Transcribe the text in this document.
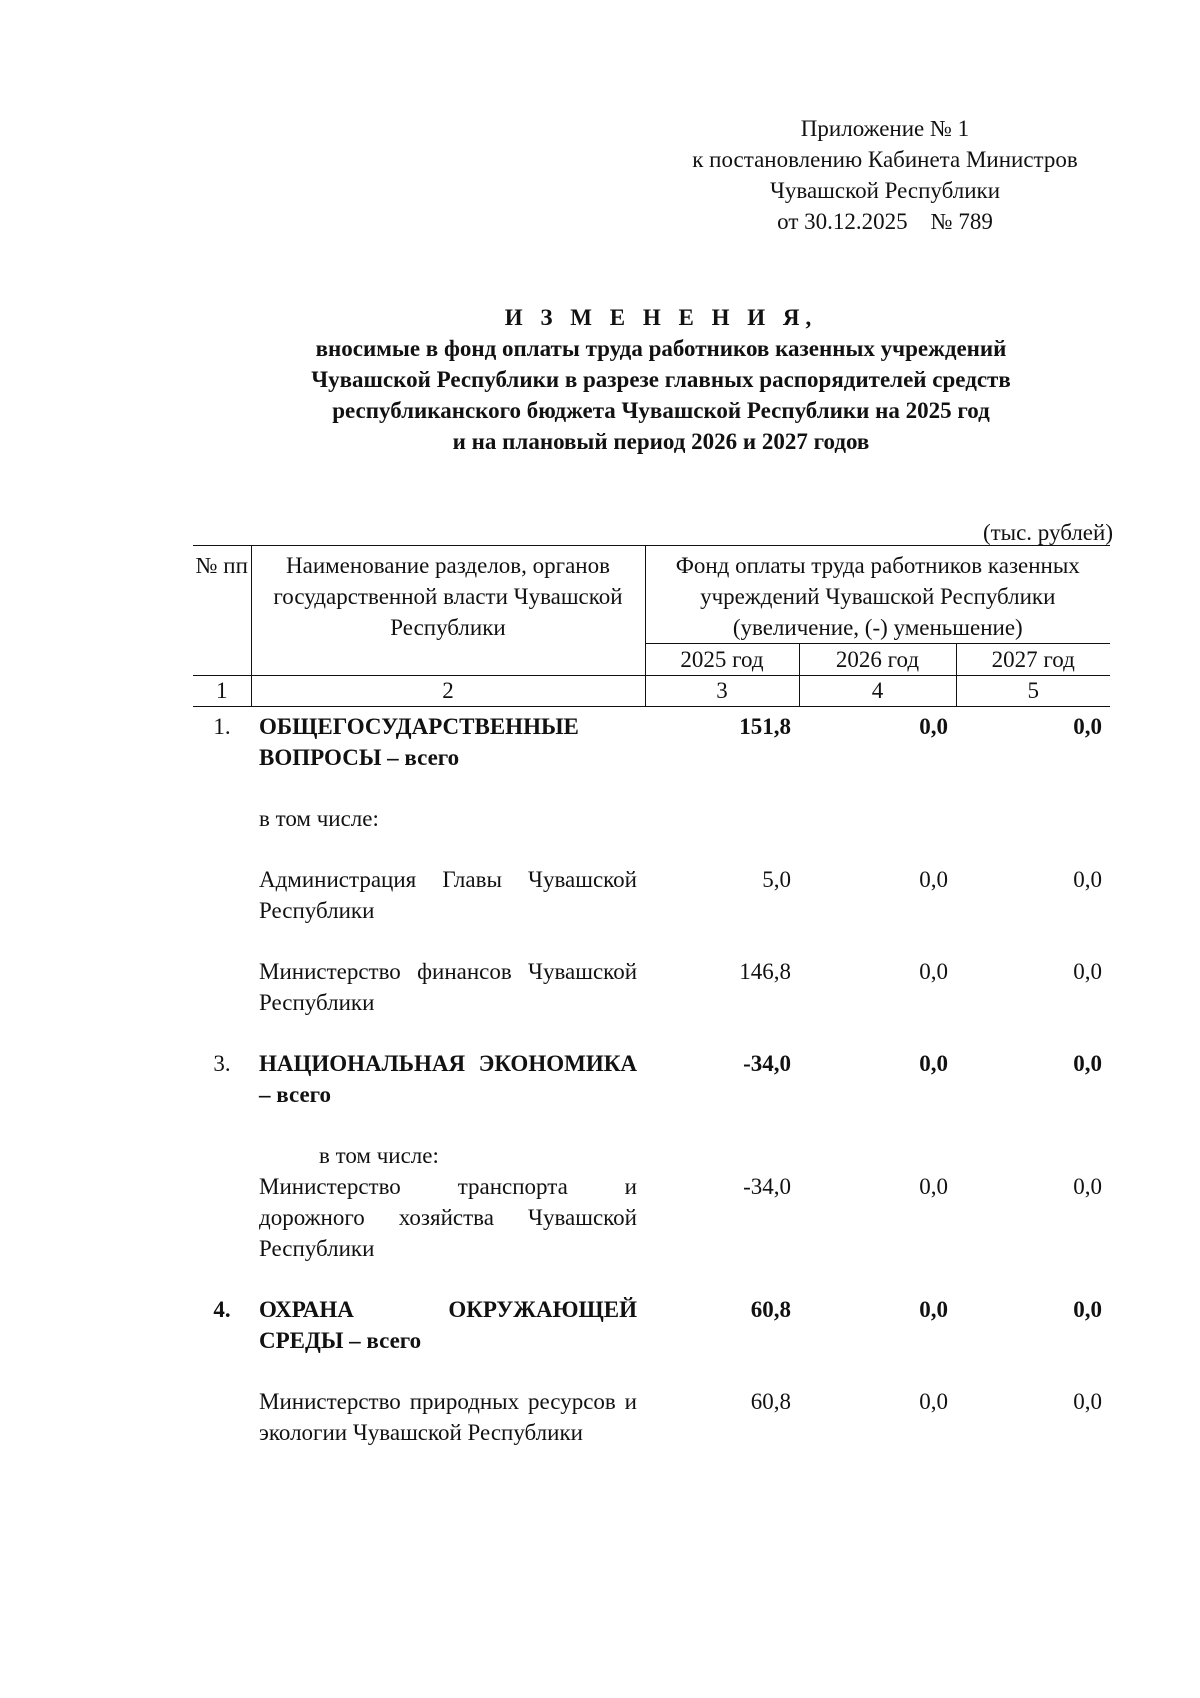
Приложение № 1
к постановлению Кабинета Министров
Чувашской Республики
от 30.12.2025    № 789
И З М Е Н Е Н И Я,
вносимые в фонд оплаты труда работников казенных учреждений
Чувашской Республики в разрезе главных распорядителей средств
республиканского бюджета Чувашской Республики на 2025 год
и на плановый период 2026 и 2027 годов
(тыс. рублей)
№ пп	Наименование разделов, органов государственной власти Чувашской Республики	Фонд оплаты труда работников казенных учреждений Чувашской Республики (увеличение, (-) уменьшение)		
		2025 год	2026 год	2027 год
1	2	3	4	5
1.	ОБЩЕГОСУДАРСТВЕННЫЕ ВОПРОСЫ – всего	151,8	0,0	0,0

	в том числе:			

	Администрация Главы Чувашской Республики	5,0	0,0	0,0

	Министерство финансов Чувашской Республики	146,8	0,0	0,0

3.	НАЦИОНАЛЬНАЯ ЭКОНОМИКА – всего	-34,0	0,0	0,0

	в том числе:			
	Министерство транспорта и дорожного хозяйства Чувашской Республики	-34,0	0,0	0,0

4.	ОХРАНА ОКРУЖАЮЩЕЙ СРЕДЫ – всего	60,8	0,0	0,0

	Министерство природных ресурсов и экологии Чувашской Республики	60,8	0,0	0,0
